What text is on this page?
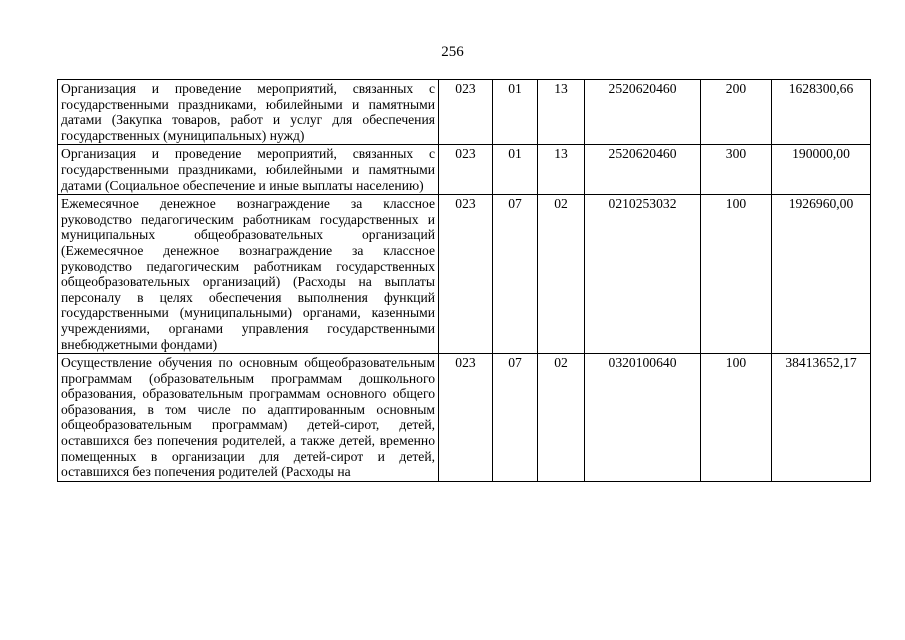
256
Организация и проведение мероприятий, связанных с государственными праздниками, юбилейными и памятными датами (Закупка товаров, работ и услуг для обеспечения государственных (муниципальных) нужд)	023	01	13	2520620460	200	1628300,66
Организация и проведение мероприятий, связанных с государственными праздниками, юбилейными и памятными датами (Социальное обеспечение и иные выплаты населению)	023	01	13	2520620460	300	190000,00
Ежемесячное денежное вознаграждение за классное руководство педагогическим работникам государственных и муниципальных общеобразовательных организаций (Ежемесячное денежное вознаграждение за классное руководство педагогическим работникам государственных общеобразовательных организаций) (Расходы на выплаты персоналу в целях обеспечения выполнения функций государственными (муниципальными) органами, казенными учреждениями, органами управления государственными внебюджетными фондами)	023	07	02	0210253032	100	1926960,00
Осуществление обучения по основным общеобразовательным программам (образовательным программам дошкольного образования, образовательным программам основного общего образования, в том числе по адаптированным основным общеобразовательным программам) детей-сирот, детей, оставшихся без попечения родителей, а также детей, временно помещенных в организации для детей-сирот и детей, оставшихся без попечения родителей (Расходы на	023	07	02	0320100640	100	38413652,17
